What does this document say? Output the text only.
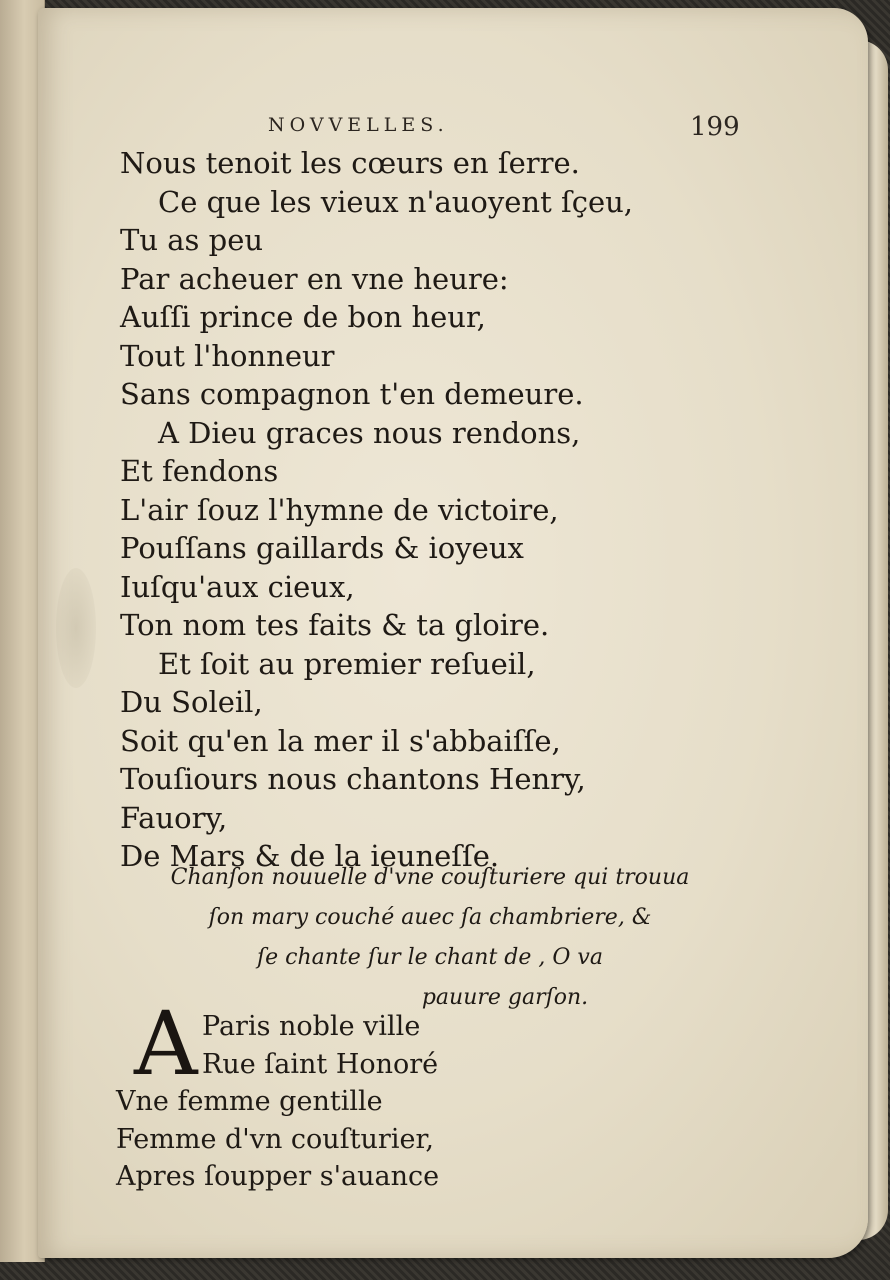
NOVVELLES.	199
Nous tenoit les cœurs en ſerre.
Ce que les vieux n'auoyent ſçeu,
Tu as peu
Par acheuer en vne heure:
Auſſi prince de bon heur,
Tout l'honneur
Sans compagnon t'en demeure.
A Dieu graces nous rendons,
Et fendons
L'air ſouz l'hymne de victoire,
Pouſſans gaillards & ioyeux
Iuſqu'aux cieux,
Ton nom tes faits & ta gloire.
Et ſoit au premier reſueil,
Du Soleil,
Soit qu'en la mer il s'abbaiſſe,
Touſiours nous chantons Henry,
Fauory,
De Mars & de la ieuneſſe.
Chanſon nouuelle d'vne couſturiere qui trouua
ſon mary couché auec ſa chambriere, &
ſe chante ſur le chant de , O va
pauure garſon.
A Paris noble ville
Rue ſaint Honoré
Vne femme gentille
Femme d'vn couſturier,
Apres ſoupper s'auance
